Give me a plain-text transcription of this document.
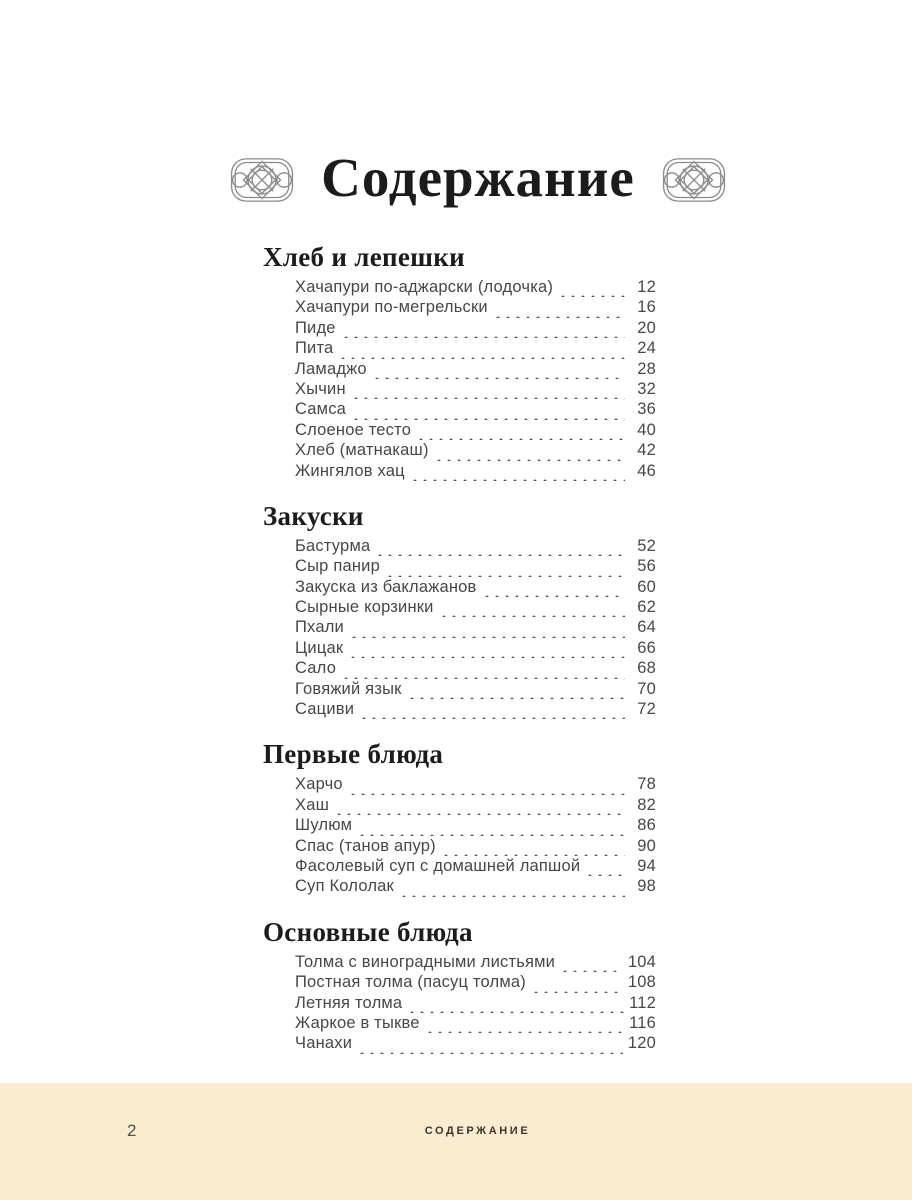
Содержание
Хлеб и лепешки
Хачапури по-аджарски (лодочка)	12
Хачапури по-мегрельски	16
Пиде	20
Пита	24
Ламаджо	28
Хычин	32
Самса	36
Слоеное тесто	40
Хлеб (матнакаш)	42
Жингялов хац	46
Закуски
Бастурма	52
Сыр панир	56
Закуска из баклажанов	60
Сырные корзинки	62
Пхали	64
Цицак	66
Сало	68
Говяжий язык	70
Сациви	72
Первые блюда
Харчо	78
Хаш	82
Шулюм	86
Спас (танов апур)	90
Фасолевый суп с домашней лапшой	94
Суп Кололак	98
Основные блюда
Толма с виноградными листьями	104
Постная толма (пасуц толма)	108
Летняя толма	112
Жаркое в тыкве	116
Чанахи	120
2	СОДЕРЖАНИЕ
